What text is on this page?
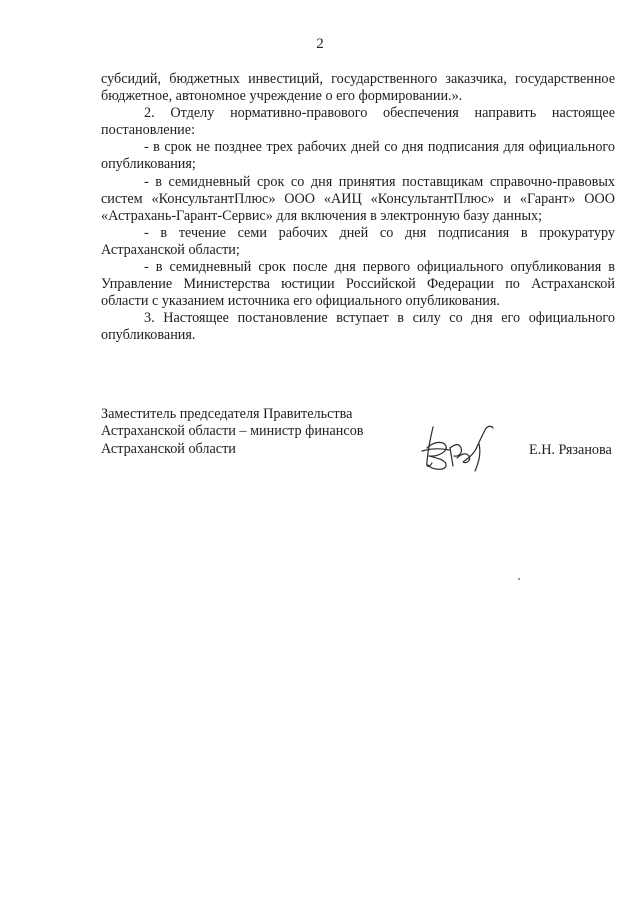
2

субсидий, бюджетных инвестиций, государственного заказчика, государственное бюджетное, автономное учреждение о его формировании.».

2. Отделу нормативно-правового обеспечения направить настоящее постановление:

- в срок не позднее трех рабочих дней со дня подписания для официального опубликования;

- в семидневный срок со дня принятия поставщикам справочно-правовых систем «КонсультантПлюс» ООО «АИЦ «КонсультантПлюс» и «Гарант» ООО «Астрахань-Гарант-Сервис» для включения в электронную базу данных;

- в течение семи рабочих дней со дня подписания в прокуратуру Астраханской области;

- в семидневный срок после дня первого официального опубликования в Управление Министерства юстиции Российской Федерации по Астраханской области с указанием источника его официального опубликования.

3. Настоящее постановление вступает в силу со дня его официального опубликования.

Заместитель председателя Правительства
Астраханской области – министр финансов
Астраханской области	Е.Н. Рязанова
